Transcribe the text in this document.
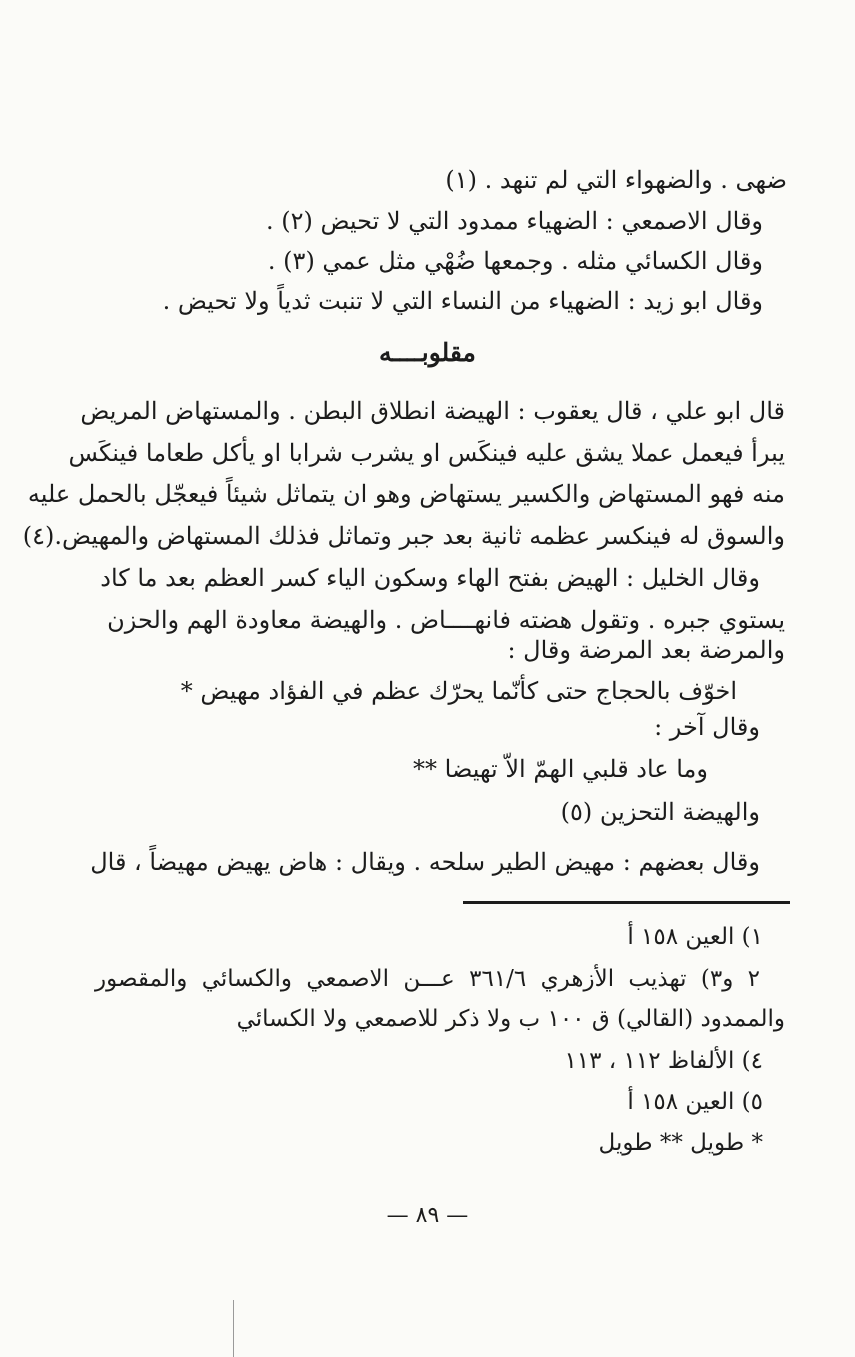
ضهى . والضهواء التي لم تنهد . (١)
وقال الاصمعي : الضهياء ممدود التي لا تحيض (٢) .
وقال الكسائي مثله . وجمعها ضُهْي مثل عمي (٣) .
وقال ابو زيد : الضهياء من النساء التي لا تنبت ثدياً ولا تحيض .
مقلوبــــه
قال ابو علي ، قال يعقوب : الهيضة انطلاق البطن . والمستهاض المريض
يبرأ فيعمل عملا يشق عليه فينكَس او يشرب شرابا او يأكل طعاما فينكَس
منه فهو المستهاض والكسير يستهاض وهو ان يتماثل شيئاً فيعجّل بالحمل عليه
والسوق له فينكسر عظمه ثانية بعد جبر وتماثل فذلك المستهاض والمهيض.(٤)
وقال الخليل : الهيض بفتح الهاء وسكون الياء كسر العظم بعد ما كاد
يستوي جبره . وتقول هضته فانهــــاض . والهيضة معاودة الهم والحزن
والمرضة بعد المرضة وقال :
اخوّف بالحجاج حتى كأنّما يحرّك عظم في الفؤاد مهيض *
وقال آخر :
وما عاد قلبي الهمّ الاّ تهيضا **
والهيضة التحزين (٥)
وقال بعضهم : مهيض الطير سلحه . ويقال : هاض يهيض مهيضاً ، قال
١) العين ١٥٨ أ
٢ و٣) تهذيب الأزهري ٣٦١/٦ عـــن الاصمعي والكسائي والمقصور
والممدود (القالي) ق ١٠٠ ب ولا ذكر للاصمعي ولا الكسائي
٤) الألفاظ ١١٢ ، ١١٣
٥) العين ١٥٨ أ
* طويل ** طويل
— ٨٩ —
